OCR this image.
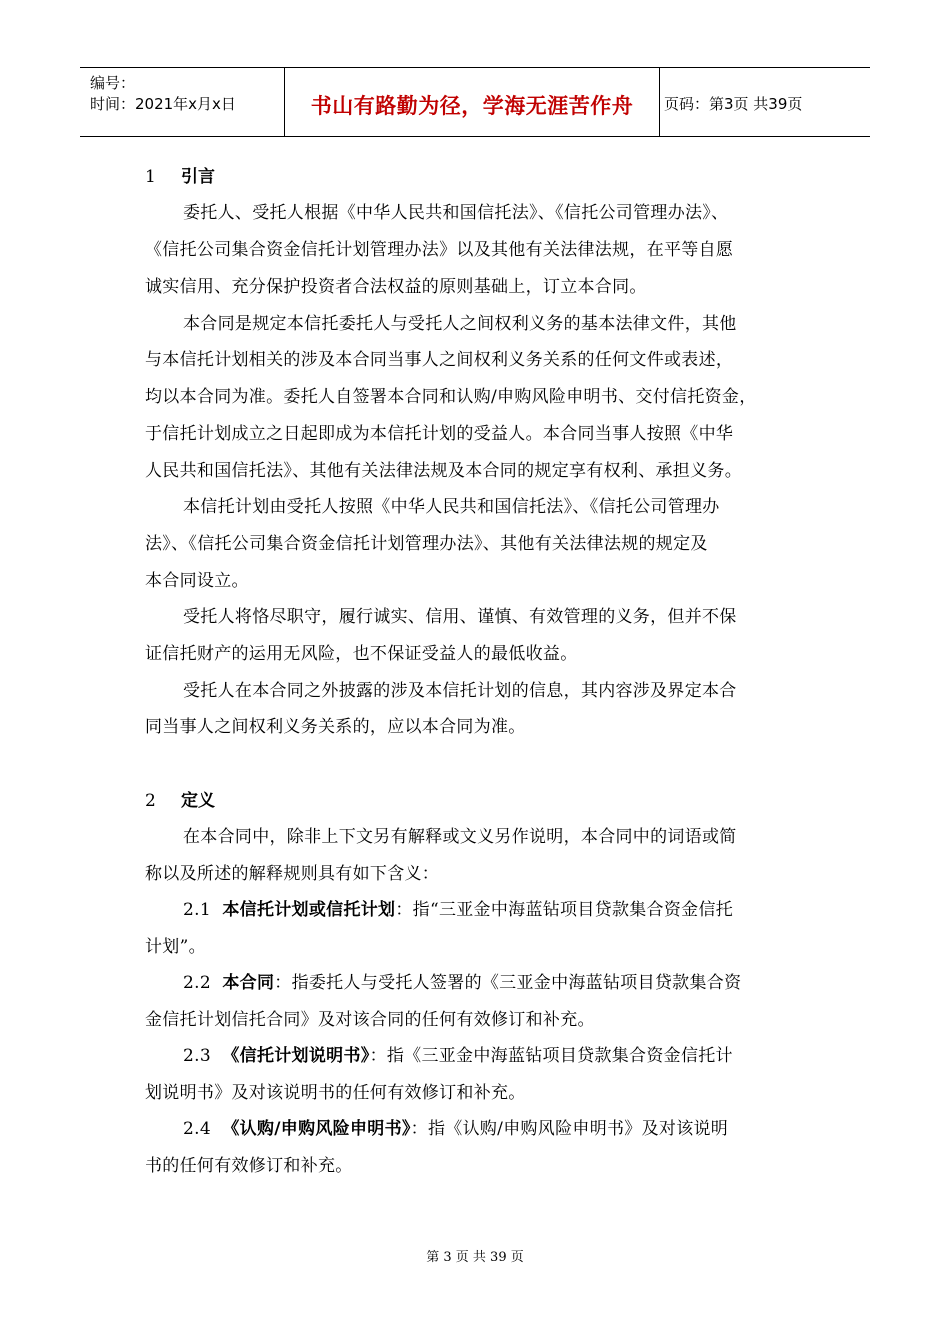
编号：
时间：2021年x月x日	书山有路勤为径，学海无涯苦作舟	页码：第3页 共39页
1 引言
委托人、受托人根据《中华人民共和国信托法》、《信托公司管理办法》、
《信托公司集合资金信托计划管理办法》以及其他有关法律法规，在平等自愿
诚实信用、充分保护投资者合法权益的原则基础上，订立本合同。
本合同是规定本信托委托人与受托人之间权利义务的基本法律文件，其他
与本信托计划相关的涉及本合同当事人之间权利义务关系的任何文件或表述，
均以本合同为准。委托人自签署本合同和认购/申购风险申明书、交付信托资金，
于信托计划成立之日起即成为本信托计划的受益人。本合同当事人按照《中华
人民共和国信托法》、其他有关法律法规及本合同的规定享有权利、承担义务。
本信托计划由受托人按照《中华人民共和国信托法》、《信托公司管理办
法》、《信托公司集合资金信托计划管理办法》、其他有关法律法规的规定及
本合同设立。
受托人将恪尽职守，履行诚实、信用、谨慎、有效管理的义务，但并不保
证信托财产的运用无风险，也不保证受益人的最低收益。
受托人在本合同之外披露的涉及本信托计划的信息，其内容涉及界定本合
同当事人之间权利义务关系的，应以本合同为准。
2 定义
在本合同中，除非上下文另有解释或文义另作说明，本合同中的词语或简
称以及所述的解释规则具有如下含义：
2.1 本信托计划或信托计划：指“三亚金中海蓝钻项目贷款集合资金信托
计划”。
2.2 本合同：指委托人与受托人签署的《三亚金中海蓝钻项目贷款集合资
金信托计划信托合同》及对该合同的任何有效修订和补充。
2.3 《信托计划说明书》：指《三亚金中海蓝钻项目贷款集合资金信托计
划说明书》及对该说明书的任何有效修订和补充。
2.4 《认购/申购风险申明书》：指《认购/申购风险申明书》及对该说明
书的任何有效修订和补充。
第 3 页 共 39 页
